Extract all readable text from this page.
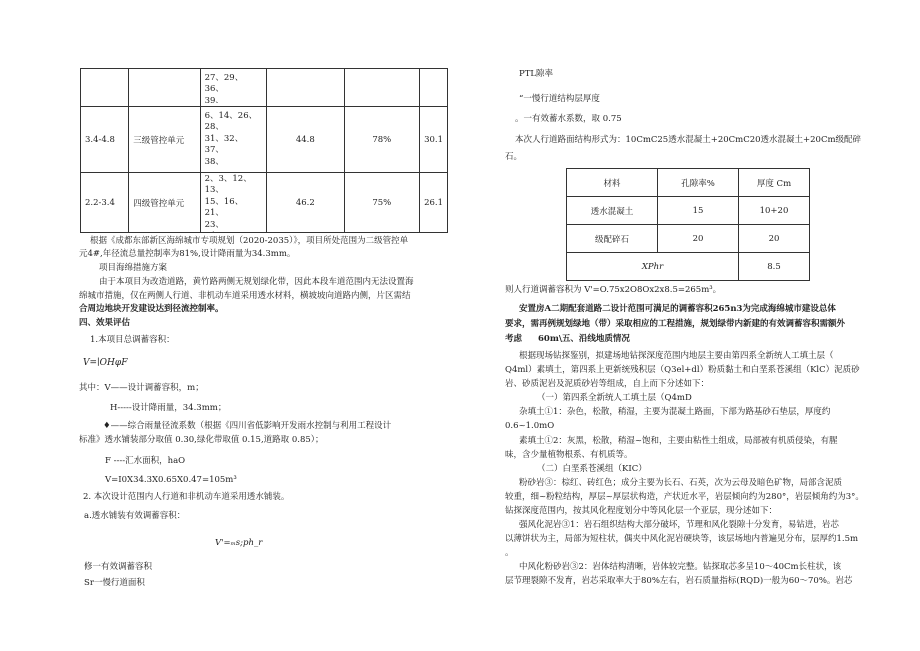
		27、29、36、
39、			

3.4-4.8	三级管控单元	6、14、26、
28、
31、32、37、
38、	44.8	78%	30.1
2.2-3.4	四级管控单元	2、3、12、13、
15、16、21、
23、	46.2	75%	26.1
根据《成都东部新区海绵城市专项规划（2020-2035）》，项目所处范围为二级管控单
元4#,年径流总量控制率为81%,设计降雨量为34.3mm。
项目海绵措施方案
由于本项目为改造道路，黄竹路两侧无规划绿化带，因此本段车道范围内无法设置海
绵城市措施，仅在两侧人行道、非机动车道采用透水材料，横坡坡向道路内侧，片区需结
合周边地块开发建设达到径流控制率。
四、效果评估
1.本项目总调蓄容积：
V=∣OHφF
其中：V——设计调蓄容积，m；
H-----设计降雨量，34.3mm；
♦——综合雨量径流系数（根据《四川省低影响开发雨水控制与利用工程设计
标准》透水铺装部分取值 0.30,绿化带取值 0.15,道路取 0.85）；
F ----汇水面积，haO
V=I0X34.3X0.65X0.47=105m³
2. 本次设计范围内人行道和非机动车道采用透水铺装。
a.透水铺装有效调蓄容积：
V'=ₘs;ph_r
修一有效调蓄容积
Sr一慢行道面积
PTL隙率
“一慢行道结构层厚度
。一有效蓄水系数，取 0.75
本次人行道路面结构形式为：10CmC25透水混凝土+20CmC20透水混凝土+20Cm级配碎
石。
材料	孔隙率%	厚度 Cm
透水混凝土	15	10+20
级配碎石	20	20
XPhr		8.5
则人行道调蓄容积为 V'=O.75x2O8Ox2x8.5=265m³。
安置房A二期配套道路二设计范围可满足的调蓄容积265n3为完成海绵城市建设总体
要求，需再例规划绿地（带）采取相应的工程措施，规划绿带内新建的有效调蓄容积需额外
考虑 60m\五、沿线地质情况
根据现场钻探鉴别，拟建场地钻探深度范围内地层主要由第四系全新统人工填土层（
Q4ml）素填土，第四系上更新统残积层（Q3el+dl）粉质黏土和白垩系苍溪组（KlC）泥质砂
岩、砂质泥岩及泥质砂岩等组成，自上而下分述如下：
（一）第四系全新统人工填土层（Q4mD
杂填土①1：杂色，松散，稍湿，主要为混凝土路面，下部为路基砂石垫层，厚度约
0.6~1.0mO
素填土①2：灰黑，松散，稍湿~饱和，主要由粘性土组成，局部被有机质侵染，有腥
味，含少量植物根系、有机质等。
（二）白垩系苍溪组（KIC）
粉砂岩③：棕红、砖红色；成分主要为长石、石英，次为云母及暗色矿物，局部含泥质
较重，细~粉粒结构，厚层~厚层状构造，产状近水平，岩层倾向约为280°，岩层倾角约为3°。
钻探深度范围内，按其风化程度划分中等风化层一个亚层，现分述如下：
强风化泥岩③1：岩石组织结构大部分破坏，节理和风化裂隙十分发育，易钻进，岩芯
以薄饼状为主，局部为短柱状，偶夹中风化泥岩硬块等，该层场地内普遍见分布，层厚约1.5m
。
中风化粉砂岩③2：岩体结构清晰，岩体较完整。钻探取芯多呈10～40Cm长柱状，该
层节理裂隙不发育，岩芯采取率大于80%左右，岩石质量指标(RQD)一般为60～70%。岩芯
